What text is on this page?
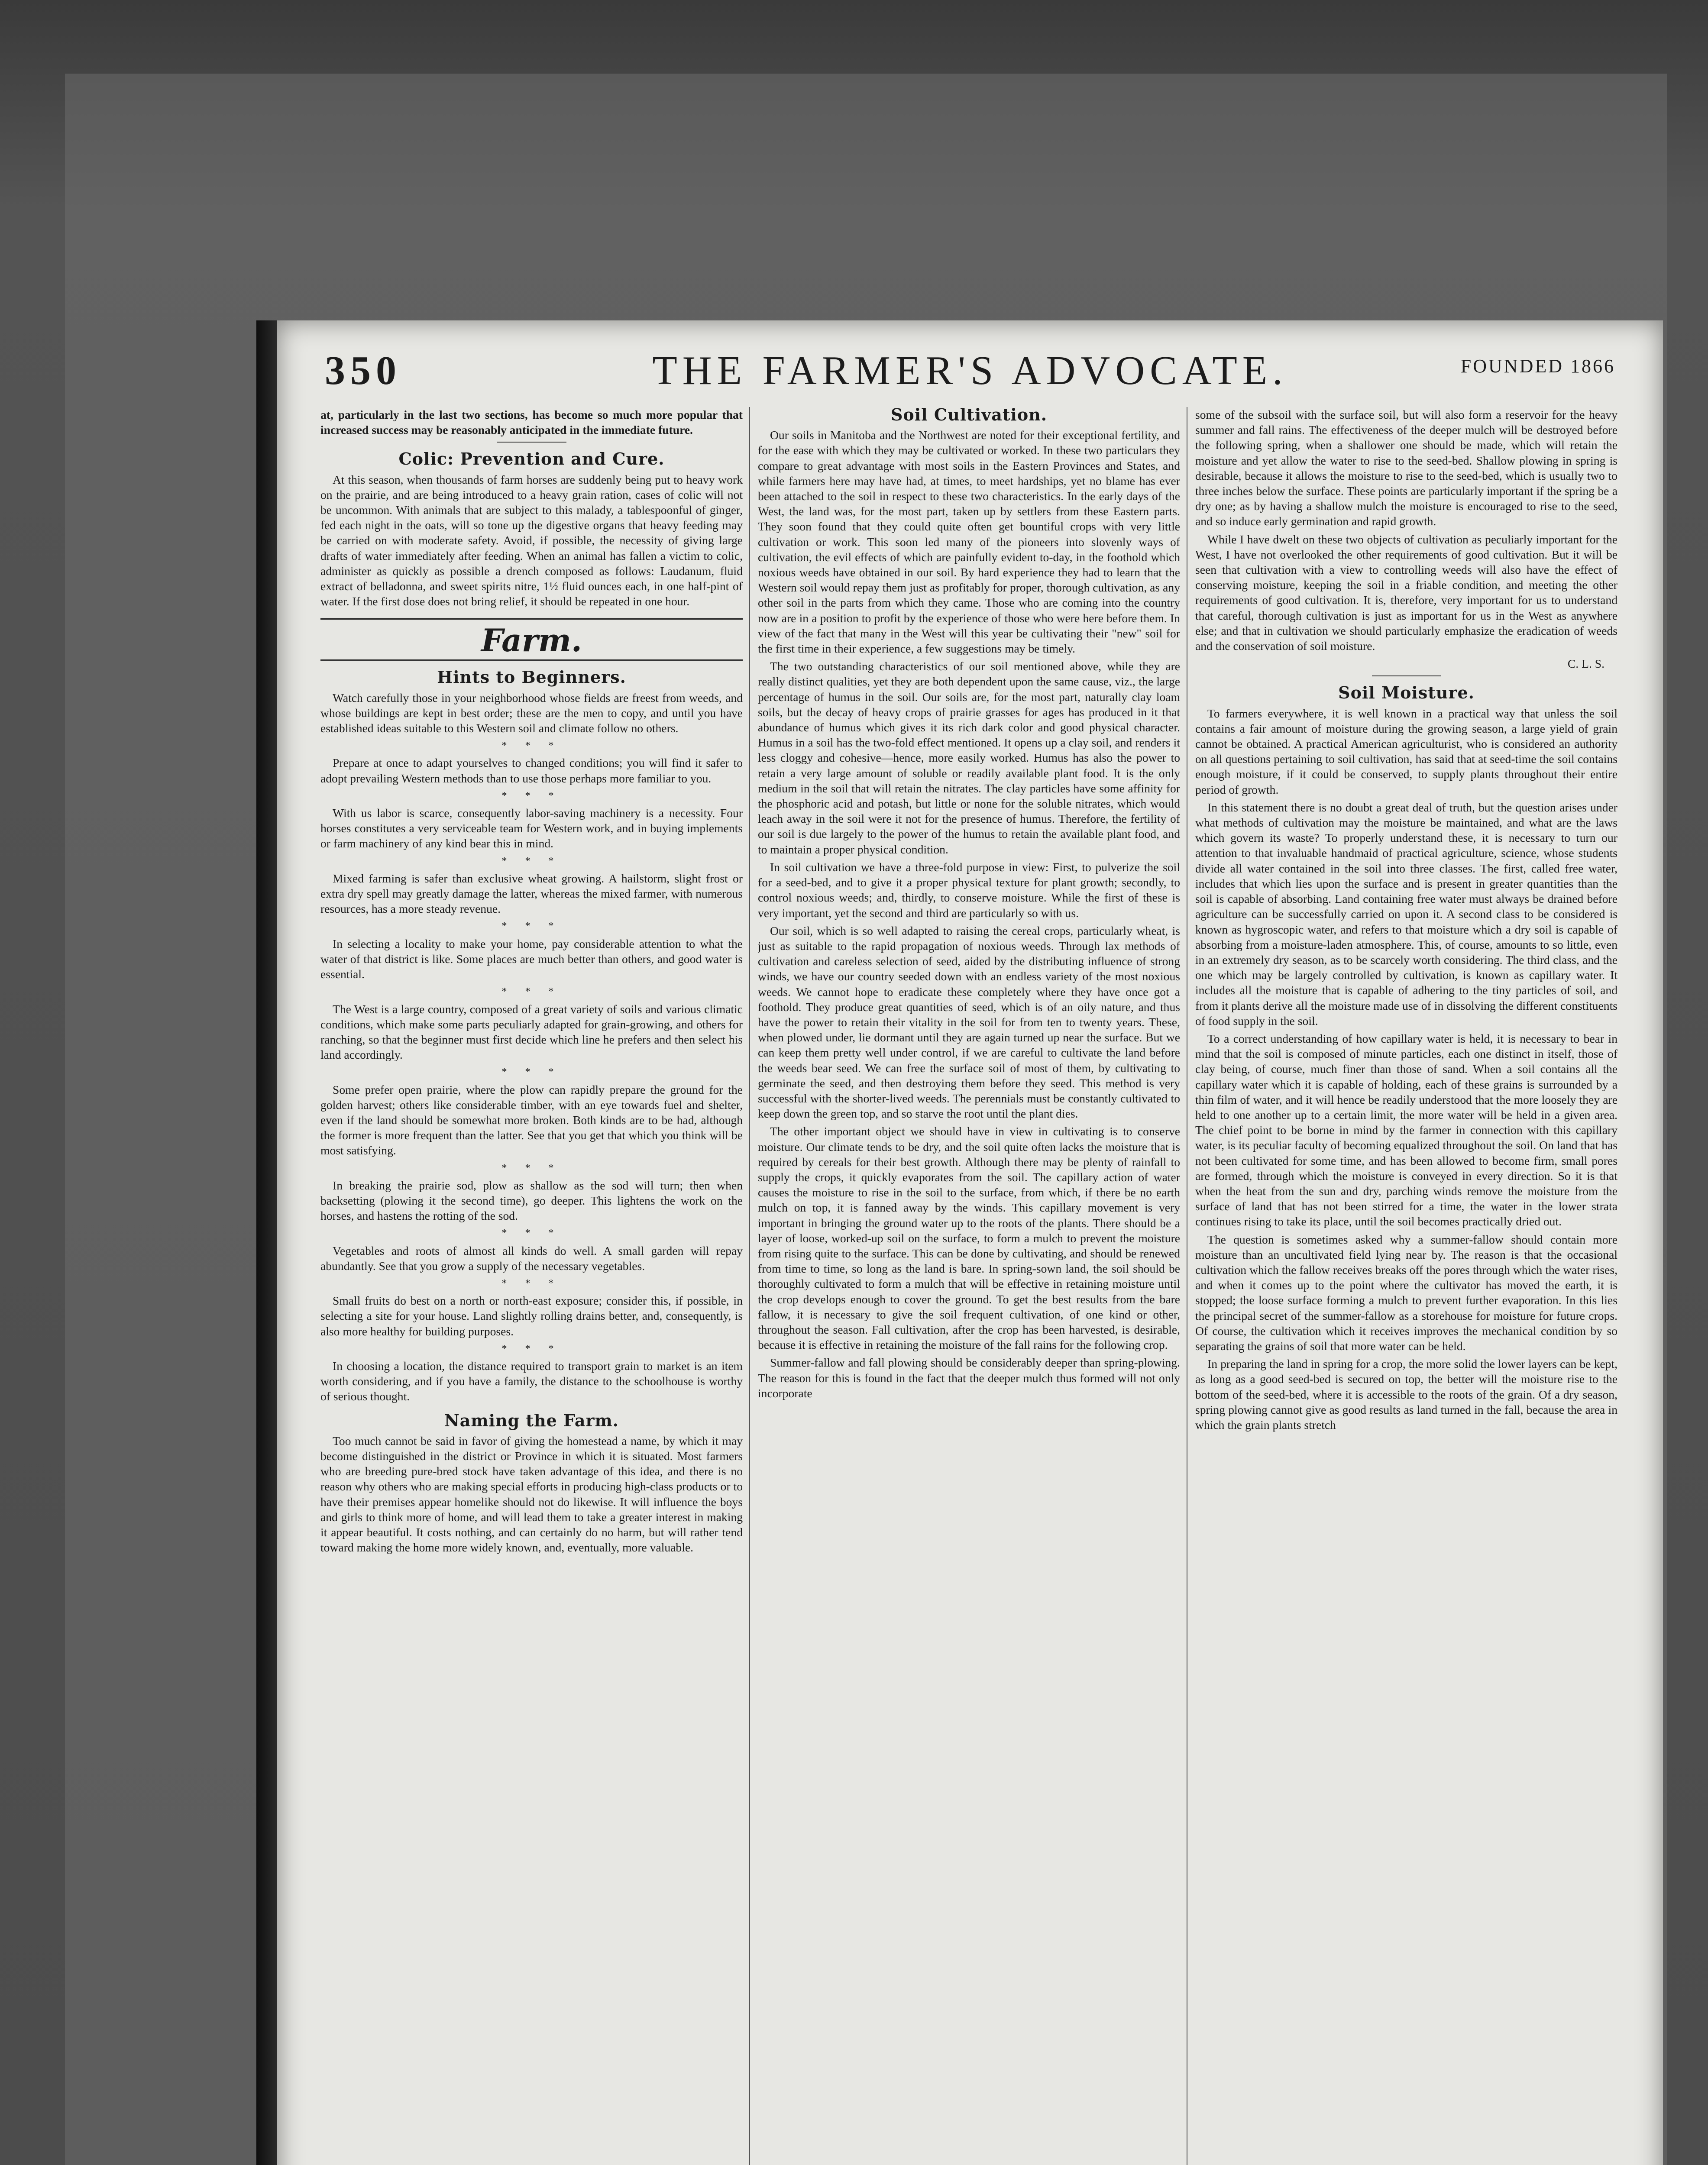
350	THE FARMER'S ADVOCATE.	FOUNDED 1866

at, particularly in the last two sections, has become so much more popular that increased success may be reasonably anticipated in the immediate future.

Colic: Prevention and Cure.

At this season, when thousands of farm horses are suddenly being put to heavy work on the prairie, and are being introduced to a heavy grain ration, cases of colic will not be uncommon. With animals that are subject to this malady, a tablespoonful of ginger, fed each night in the oats, will so tone up the digestive organs that heavy feeding may be carried on with moderate safety. Avoid, if possible, the necessity of giving large drafts of water immediately after feeding. When an animal has fallen a victim to colic, administer as quickly as possible a drench composed as follows: Laudanum, fluid extract of belladonna, and sweet spirits nitre, 1½ fluid ounces each, in one half-pint of water. If the first dose does not bring relief, it should be repeated in one hour.

Farm.
Hints to Beginners.

Watch carefully those in your neighborhood whose fields are freest from weeds, and whose buildings are kept in best order; these are the men to copy, and until you have established ideas suitable to this Western soil and climate follow no others.

* * *

Prepare at once to adapt yourselves to changed conditions; you will find it safer to adopt prevailing Western methods than to use those perhaps more familiar to you.

* * *

With us labor is scarce, consequently labor-saving machinery is a necessity. Four horses constitutes a very serviceable team for Western work, and in buying implements or farm machinery of any kind bear this in mind.

* * *

Mixed farming is safer than exclusive wheat growing. A hailstorm, slight frost or extra dry spell may greatly damage the latter, whereas the mixed farmer, with numerous resources, has a more steady revenue.

* * *

In selecting a locality to make your home, pay considerable attention to what the water of that district is like. Some places are much better than others, and good water is essential.

* * *

The West is a large country, composed of a great variety of soils and various climatic conditions, which make some parts peculiarly adapted for grain-growing, and others for ranching, so that the beginner must first decide which line he prefers and then select his land accordingly.

* * *

Some prefer open prairie, where the plow can rapidly prepare the ground for the golden harvest; others like considerable timber, with an eye towards fuel and shelter, even if the land should be somewhat more broken. Both kinds are to be had, although the former is more frequent than the latter. See that you get that which you think will be most satisfying.

* * *

In breaking the prairie sod, plow as shallow as the sod will turn; then when backsetting (plowing it the second time), go deeper. This lightens the work on the horses, and hastens the rotting of the sod.

* * *

Vegetables and roots of almost all kinds do well. A small garden will repay abundantly. See that you grow a supply of the necessary vegetables.

* * *

Small fruits do best on a north or north-east exposure; consider this, if possible, in selecting a site for your house. Land slightly rolling drains better, and, consequently, is also more healthy for building purposes.

* * *

In choosing a location, the distance required to transport grain to market is an item worth considering, and if you have a family, the distance to the schoolhouse is worthy of serious thought.

Naming the Farm.

Too much cannot be said in favor of giving the homestead a name, by which it may become distinguished in the district or Province in which it is situated. Most farmers who are breeding pure-bred stock have taken advantage of this idea, and there is no reason why others who are making special efforts in producing high-class products or to have their premises appear homelike should not do likewise. It will influence the boys and girls to think more of home, and will lead them to take a greater interest in making it appear beautiful. It costs nothing, and can certainly do no harm, but will rather tend toward making the home more widely known, and, eventually, more valuable.

Soil Cultivation.

Our soils in Manitoba and the Northwest are noted for their exceptional fertility, and for the ease with which they may be cultivated or worked. In these two particulars they compare to great advantage with most soils in the Eastern Provinces and States, and while farmers here may have had, at times, to meet hardships, yet no blame has ever been attached to the soil in respect to these two characteristics. In the early days of the West, the land was, for the most part, taken up by settlers from these Eastern parts. They soon found that they could quite often get bountiful crops with very little cultivation or work. This soon led many of the pioneers into slovenly ways of cultivation, the evil effects of which are painfully evident to-day, in the foothold which noxious weeds have obtained in our soil. By hard experience they had to learn that the Western soil would repay them just as profitably for proper, thorough cultivation, as any other soil in the parts from which they came. Those who are coming into the country now are in a position to profit by the experience of those who were here before them. In view of the fact that many in the West will this year be cultivating their "new" soil for the first time in their experience, a few suggestions may be timely.

The two outstanding characteristics of our soil mentioned above, while they are really distinct qualities, yet they are both dependent upon the same cause, viz., the large percentage of humus in the soil. Our soils are, for the most part, naturally clay loam soils, but the decay of heavy crops of prairie grasses for ages has produced in it that abundance of humus which gives it its rich dark color and good physical character. Humus in a soil has the two-fold effect mentioned. It opens up a clay soil, and renders it less cloggy and cohesive—hence, more easily worked. Humus has also the power to retain a very large amount of soluble or readily available plant food. It is the only medium in the soil that will retain the nitrates. The clay particles have some affinity for the phosphoric acid and potash, but little or none for the soluble nitrates, which would leach away in the soil were it not for the presence of humus. Therefore, the fertility of our soil is due largely to the power of the humus to retain the available plant food, and to maintain a proper physical condition.

In soil cultivation we have a three-fold purpose in view: First, to pulverize the soil for a seed-bed, and to give it a proper physical texture for plant growth; secondly, to control noxious weeds; and, thirdly, to conserve moisture. While the first of these is very important, yet the second and third are particularly so with us.

Our soil, which is so well adapted to raising the cereal crops, particularly wheat, is just as suitable to the rapid propagation of noxious weeds. Through lax methods of cultivation and careless selection of seed, aided by the distributing influence of strong winds, we have our country seeded down with an endless variety of the most noxious weeds. We cannot hope to eradicate these completely where they have once got a foothold. They produce great quantities of seed, which is of an oily nature, and thus have the power to retain their vitality in the soil for from ten to twenty years. These, when plowed under, lie dormant until they are again turned up near the surface. But we can keep them pretty well under control, if we are careful to cultivate the land before the weeds bear seed. We can free the surface soil of most of them, by cultivating to germinate the seed, and then destroying them before they seed. This method is very successful with the shorter-lived weeds. The perennials must be constantly cultivated to keep down the green top, and so starve the root until the plant dies.

The other important object we should have in view in cultivating is to conserve moisture. Our climate tends to be dry, and the soil quite often lacks the moisture that is required by cereals for their best growth. Although there may be plenty of rainfall to supply the crops, it quickly evaporates from the soil. The capillary action of water causes the moisture to rise in the soil to the surface, from which, if there be no earth mulch on top, it is fanned away by the winds. This capillary movement is very important in bringing the ground water up to the roots of the plants. There should be a layer of loose, worked-up soil on the surface, to form a mulch to prevent the moisture from rising quite to the surface. This can be done by cultivating, and should be renewed from time to time, so long as the land is bare. In spring-sown land, the soil should be thoroughly cultivated to form a mulch that will be effective in retaining moisture until the crop develops enough to cover the ground. To get the best results from the bare fallow, it is necessary to give the soil frequent cultivation, of one kind or other, throughout the season. Fall cultivation, after the crop has been harvested, is desirable, because it is effective in retaining the moisture of the fall rains for the following crop.

Summer-fallow and fall plowing should be considerably deeper than spring-plowing. The reason for this is found in the fact that the deeper mulch thus formed will not only incorporate

some of the subsoil with the surface soil, but will also form a reservoir for the heavy summer and fall rains. The effectiveness of the deeper mulch will be destroyed before the following spring, when a shallower one should be made, which will retain the moisture and yet allow the water to rise to the seed-bed. Shallow plowing in spring is desirable, because it allows the moisture to rise to the seed-bed, which is usually two to three inches below the surface. These points are particularly important if the spring be a dry one; as by having a shallow mulch the moisture is encouraged to rise to the seed, and so induce early germination and rapid growth.

While I have dwelt on these two objects of cultivation as peculiarly important for the West, I have not overlooked the other requirements of good cultivation. But it will be seen that cultivation with a view to controlling weeds will also have the effect of conserving moisture, keeping the soil in a friable condition, and meeting the other requirements of good cultivation. It is, therefore, very important for us to understand that careful, thorough cultivation is just as important for us in the West as anywhere else; and that in cultivation we should particularly emphasize the eradication of weeds and the conservation of soil moisture.

C. L. S.
Soil Moisture.

To farmers everywhere, it is well known in a practical way that unless the soil contains a fair amount of moisture during the growing season, a large yield of grain cannot be obtained. A practical American agriculturist, who is considered an authority on all questions pertaining to soil cultivation, has said that at seed-time the soil contains enough moisture, if it could be conserved, to supply plants throughout their entire period of growth.

In this statement there is no doubt a great deal of truth, but the question arises under what methods of cultivation may the moisture be maintained, and what are the laws which govern its waste? To properly understand these, it is necessary to turn our attention to that invaluable handmaid of practical agriculture, science, whose students divide all water contained in the soil into three classes. The first, called free water, includes that which lies upon the surface and is present in greater quantities than the soil is capable of absorbing. Land containing free water must always be drained before agriculture can be successfully carried on upon it. A second class to be considered is known as hygroscopic water, and refers to that moisture which a dry soil is capable of absorbing from a moisture-laden atmosphere. This, of course, amounts to so little, even in an extremely dry season, as to be scarcely worth considering. The third class, and the one which may be largely controlled by cultivation, is known as capillary water. It includes all the moisture that is capable of adhering to the tiny particles of soil, and from it plants derive all the moisture made use of in dissolving the different constituents of food supply in the soil.

To a correct understanding of how capillary water is held, it is necessary to bear in mind that the soil is composed of minute particles, each one distinct in itself, those of clay being, of course, much finer than those of sand. When a soil contains all the capillary water which it is capable of holding, each of these grains is surrounded by a thin film of water, and it will hence be readily understood that the more loosely they are held to one another up to a certain limit, the more water will be held in a given area. The chief point to be borne in mind by the farmer in connection with this capillary water, is its peculiar faculty of becoming equalized throughout the soil. On land that has not been cultivated for some time, and has been allowed to become firm, small pores are formed, through which the moisture is conveyed in every direction. So it is that when the heat from the sun and dry, parching winds remove the moisture from the surface of land that has not been stirred for a time, the water in the lower strata continues rising to take its place, until the soil becomes practically dried out.

The question is sometimes asked why a summer-fallow should contain more moisture than an uncultivated field lying near by. The reason is that the occasional cultivation which the fallow receives breaks off the pores through which the water rises, and when it comes up to the point where the cultivator has moved the earth, it is stopped; the loose surface forming a mulch to prevent further evaporation. In this lies the principal secret of the summer-fallow as a storehouse for moisture for future crops. Of course, the cultivation which it receives improves the mechanical condition by so separating the grains of soil that more water can be held.

In preparing the land in spring for a crop, the more solid the lower layers can be kept, as long as a good seed-bed is secured on top, the better will the moisture rise to the bottom of the seed-bed, where it is accessible to the roots of the grain. Of a dry season, spring plowing cannot give as good results as land turned in the fall, because the area in which the grain plants stretch
